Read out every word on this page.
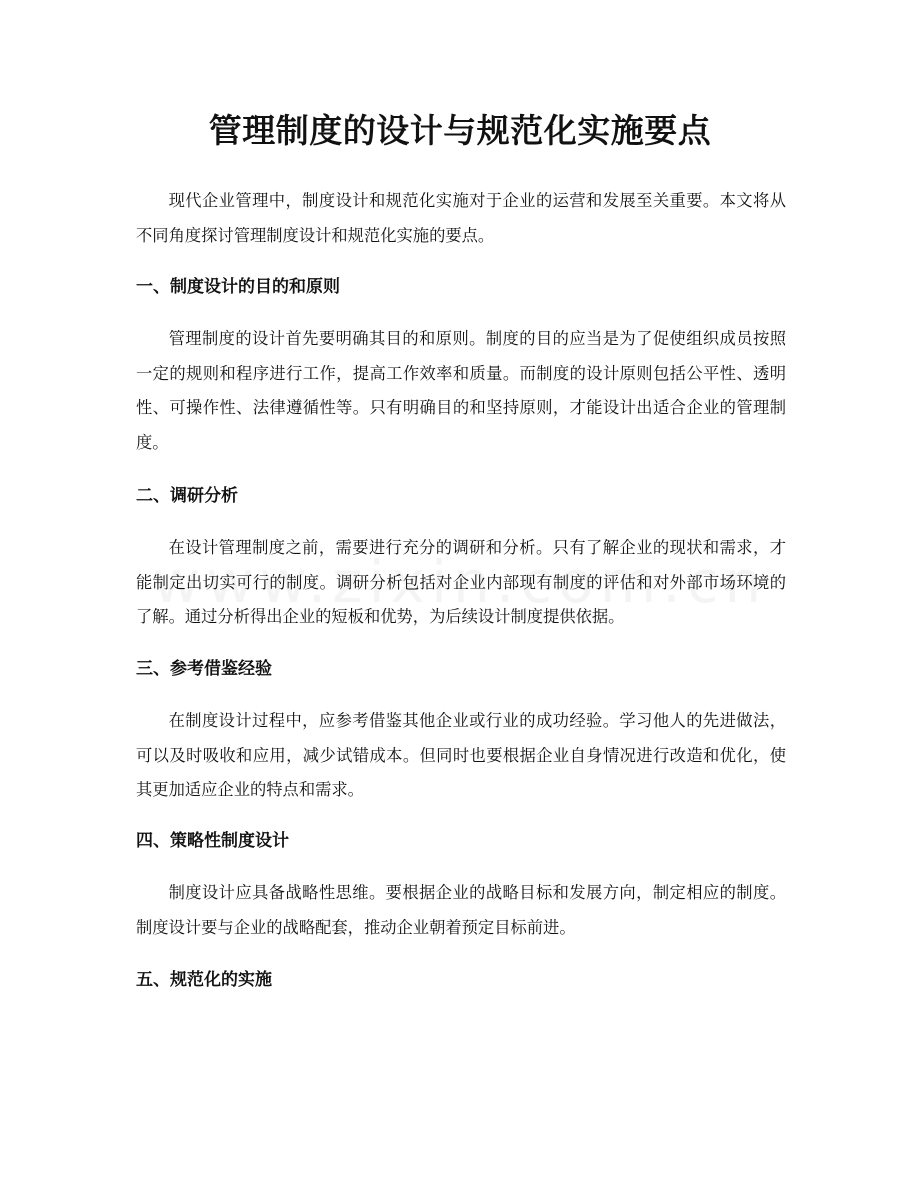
管理制度的设计与规范化实施要点

现代企业管理中，制度设计和规范化实施对于企业的运营和发展至关重要。本文将从不同角度探讨管理制度设计和规范化实施的要点。

一、制度设计的目的和原则

管理制度的设计首先要明确其目的和原则。制度的目的应当是为了促使组织成员按照一定的规则和程序进行工作，提高工作效率和质量。而制度的设计原则包括公平性、透明性、可操作性、法律遵循性等。只有明确目的和坚持原则，才能设计出适合企业的管理制度。

二、调研分析

在设计管理制度之前，需要进行充分的调研和分析。只有了解企业的现状和需求，才能制定出切实可行的制度。调研分析包括对企业内部现有制度的评估和对外部市场环境的了解。通过分析得出企业的短板和优势，为后续设计制度提供依据。

三、参考借鉴经验

在制度设计过程中，应参考借鉴其他企业或行业的成功经验。学习他人的先进做法，可以及时吸收和应用，减少试错成本。但同时也要根据企业自身情况进行改造和优化，使其更加适应企业的特点和需求。

四、策略性制度设计

制度设计应具备战略性思维。要根据企业的战略目标和发展方向，制定相应的制度。制度设计要与企业的战略配套，推动企业朝着预定目标前进。

五、规范化的实施
